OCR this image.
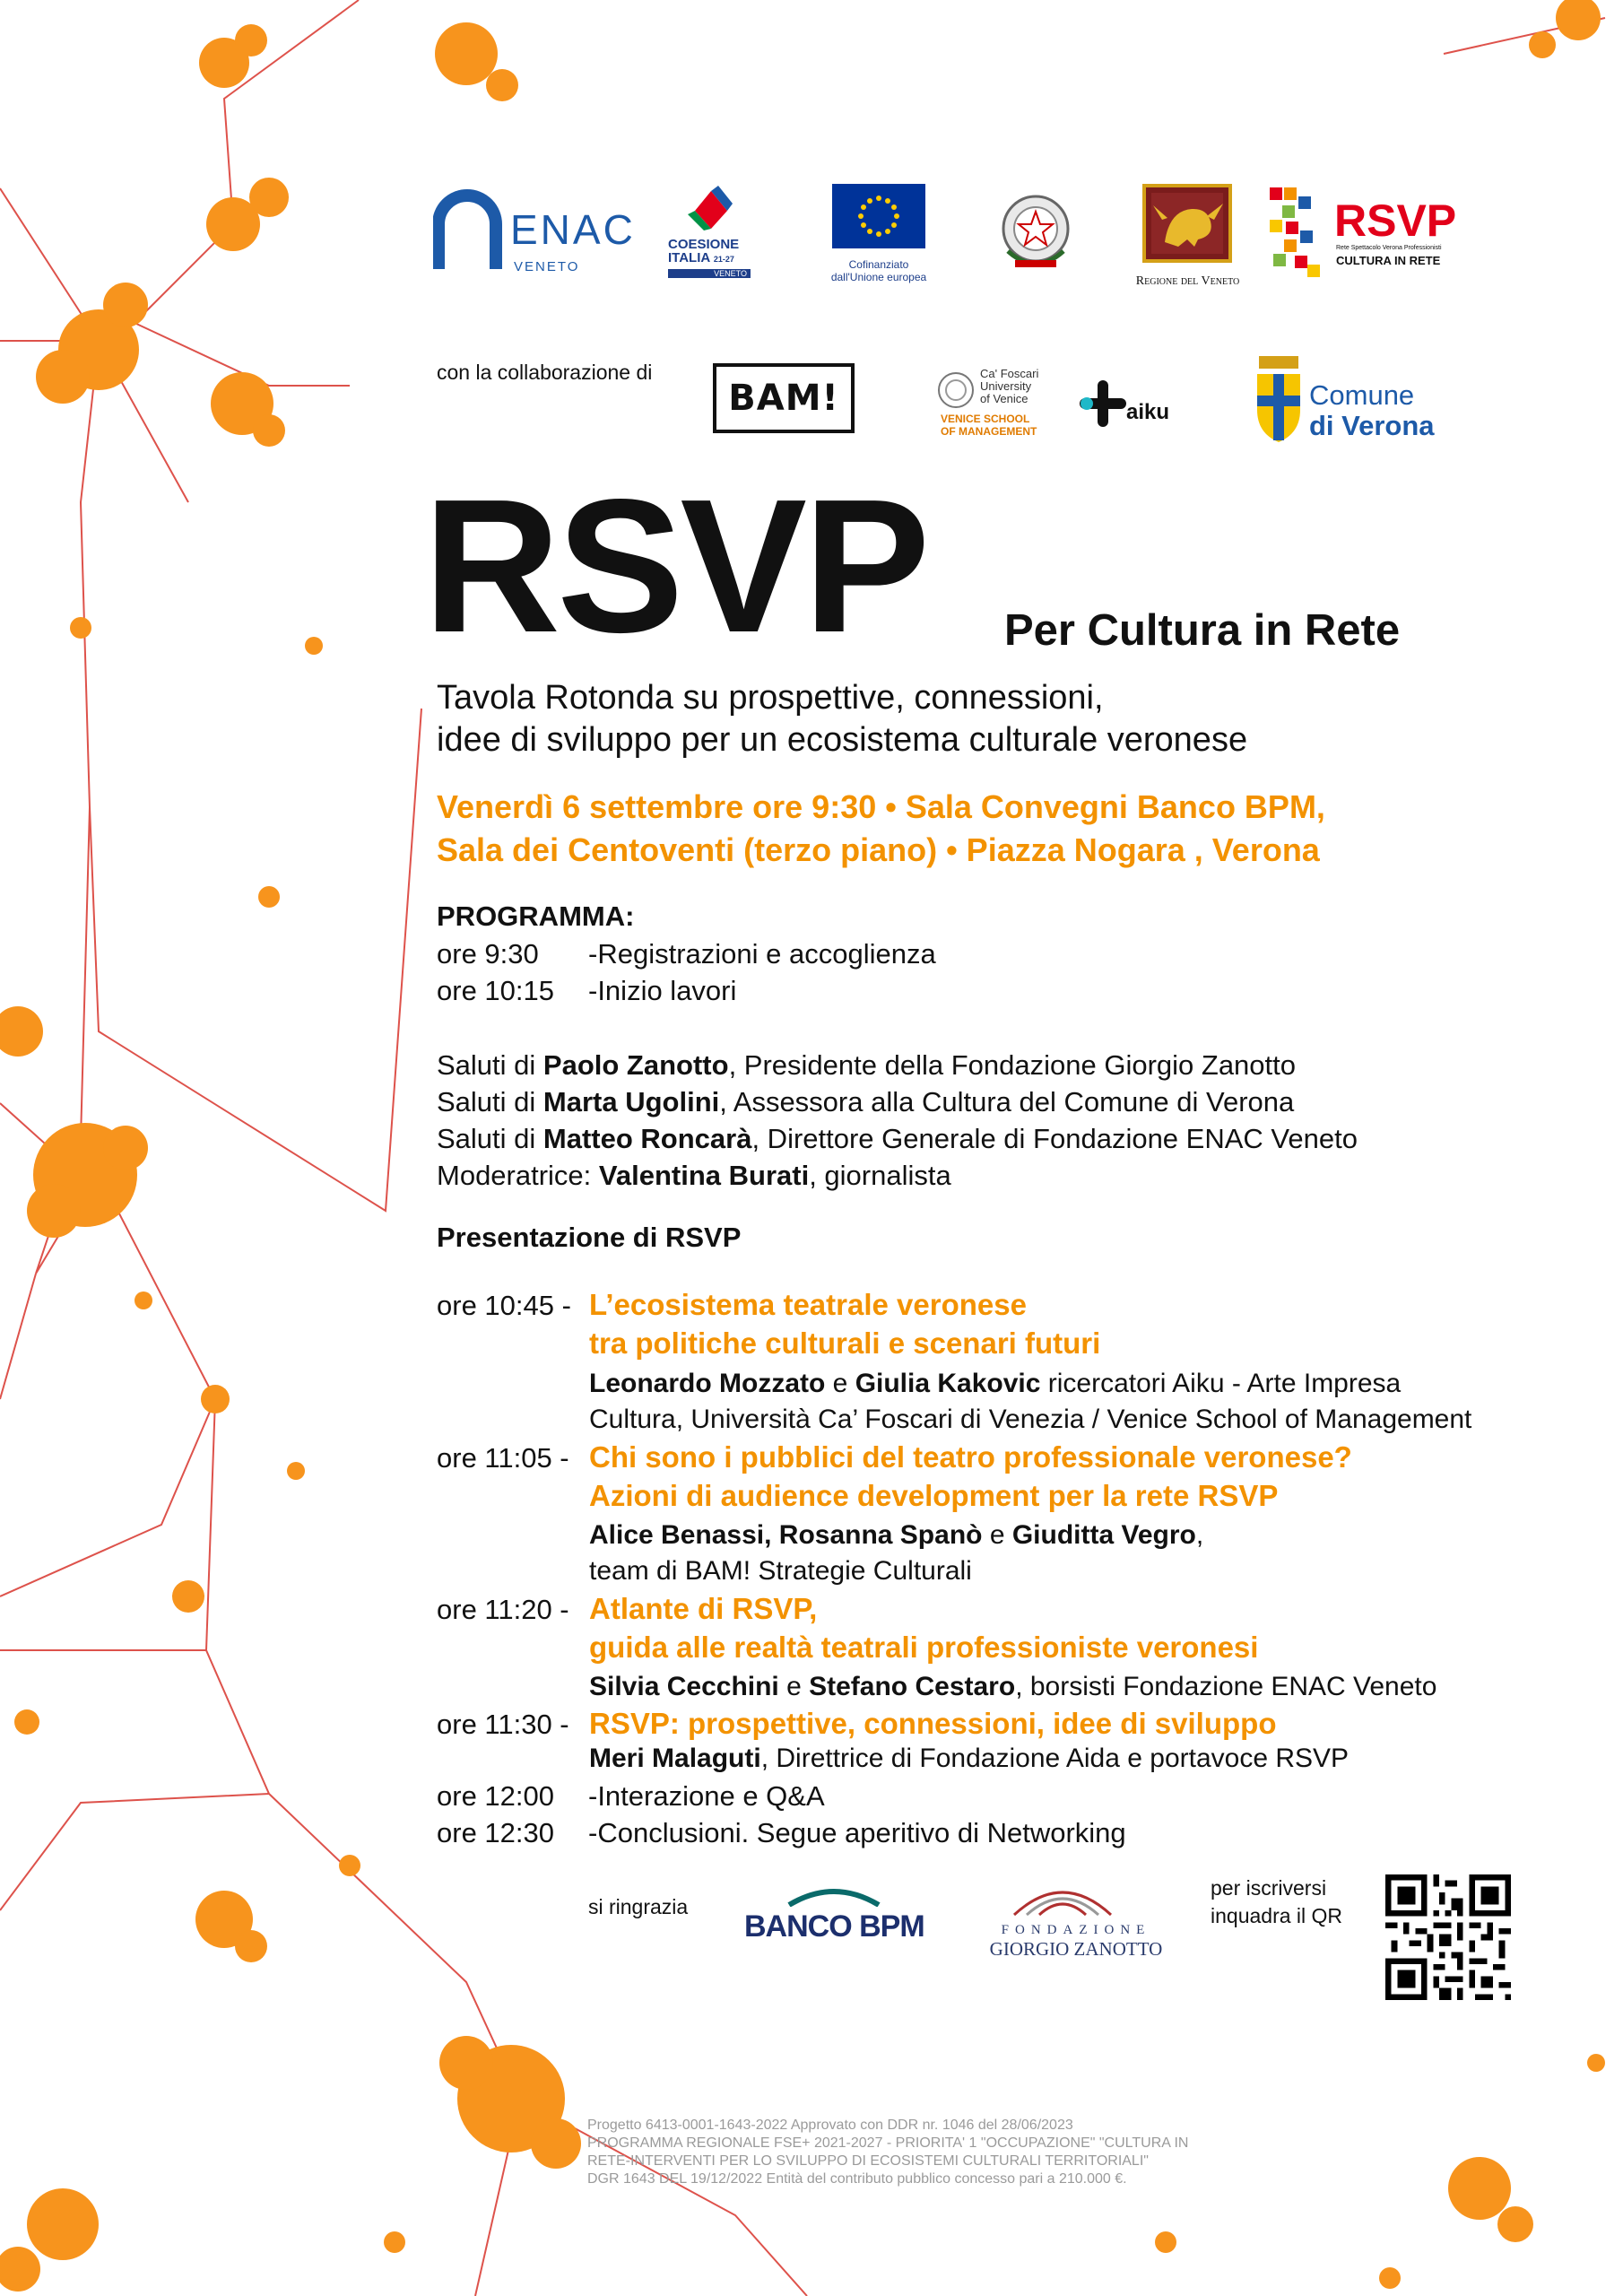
ENAC
VENETO
COESIONE
ITALIA 21-27
VENETO
Cofinanziato
dall'Unione europea	Regione del Veneto
RSVP
Rete Spettacolo Verona Professionisti
CULTURA IN RETE
con la collaborazione di
BAM!
Ca' Foscari
University
of Venice
VENICE SCHOOL
OF MANAGEMENT
aiku
Comune
di Verona
RSVP Per Cultura in Rete
Tavola Rotonda su prospettive, connessioni,
idee di sviluppo per un ecosistema culturale veronese
Venerdì 6 settembre ore 9:30 • Sala Convegni Banco BPM,
Sala dei Centoventi (terzo piano) • Piazza Nogara , Verona
PROGRAMMA:
ore 9:30 -Registrazioni e accoglienza
ore 10:15 -Inizio lavori
Saluti di Paolo Zanotto, Presidente della Fondazione Giorgio Zanotto
Saluti di Marta Ugolini, Assessora alla Cultura del Comune di Verona
Saluti di Matteo Roncarà, Direttore Generale di Fondazione ENAC Veneto
Moderatrice: Valentina Burati, giornalista
Presentazione di RSVP
ore 10:45 - L’ecosistema teatrale veronese
tra politiche culturali e scenari futuri
Leonardo Mozzato e Giulia Kakovic ricercatori Aiku - Arte Impresa
Cultura, Università Ca’ Foscari di Venezia / Venice School of Management
ore 11:05 - Chi sono i pubblici del teatro professionale veronese?
Azioni di audience development per la rete RSVP
Alice Benassi, Rosanna Spanò e Giuditta Vegro,
team di BAM! Strategie Culturali
ore 11:20 - Atlante di RSVP,
guida alle realtà teatrali professioniste veronesi
Silvia Cecchini e Stefano Cestaro, borsisti Fondazione ENAC Veneto
ore 11:30 - RSVP: prospettive, connessioni, idee di sviluppo
Meri Malaguti, Direttrice di Fondazione Aida e portavoce RSVP
ore 12:00 -Interazione e Q&A
ore 12:30 -Conclusioni. Segue aperitivo di Networking
si ringrazia
BANCO BPM	FONDAZIONE
GIORGIO ZANOTTO
per iscriversi
inquadra il QR
Progetto 6413-0001-1643-2022 Approvato con DDR nr. 1046 del 28/06/2023
PROGRAMMA REGIONALE FSE+ 2021-2027 - PRIORITA' 1 "OCCUPAZIONE" "CULTURA IN
RETE-INTERVENTI PER LO SVILUPPO DI ECOSISTEMI CULTURALI TERRITORIALI"
DGR 1643 DEL 19/12/2022 Entità del contributo pubblico concesso pari a 210.000 €.
